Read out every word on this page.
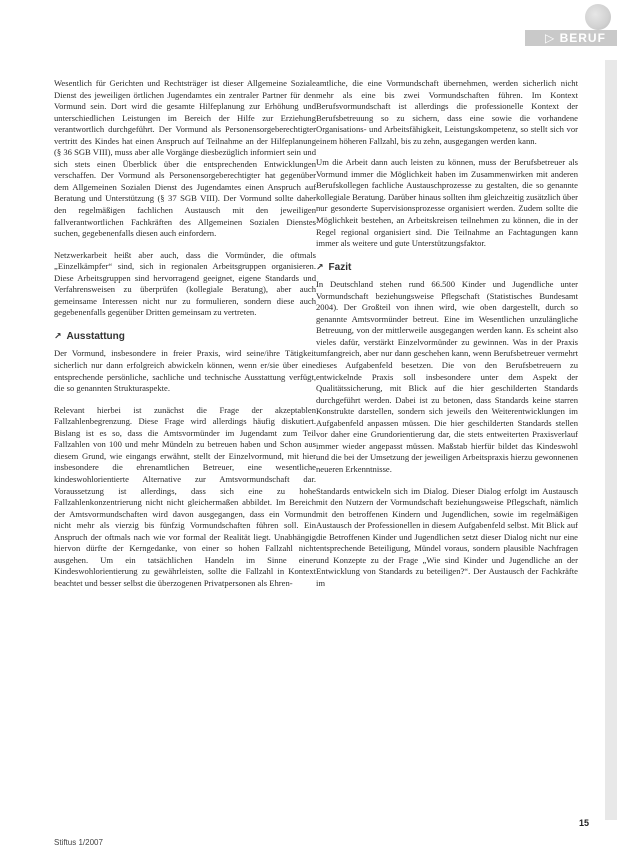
▷ BERUF

Wesentlich für Gerichten und Rechtsträger ist dieser Allgemeine Soziale Dienst des jeweiligen örtlichen Jugendamtes ein zentraler Partner für den Vormund sein. Dort wird die gesamte Hilfeplanung zur Erhöhung und unterschiedlichen Leistungen im Bereich der Hilfe zur Erziehung verantwortlich durchgeführt. Der Vormund als Personensorgeberechtigter vertritt des Kindes hat einen Anspruch auf Teilnahme an der Hilfeplanung (§ 36 SGB VIII), muss aber alle Vorgänge diesbezüglich informiert sein und sich stets einen Überblick über die entsprechenden Entwicklungen verschaffen. Der Vormund als Personensorgeberechtigter hat gegenüber dem Allgemeinen Sozialen Dienst des Jugendamtes einen Anspruch auf Beratung und Unterstützung (§ 37 SGB VIII). Der Vormund sollte daher den regelmäßigen fachlichen Austausch mit den jeweiligen fallverantwortlichen Fachkräften des Allgemeinen Sozialen Dienstes suchen, gegebenenfalls diesen auch einfordern.

Netzwerkarbeit heißt aber auch, dass die Vormünder, die oftmals „Einzelkämpfer“ sind, sich in regionalen Arbeitsgruppen organisieren. Diese Arbeitsgruppen sind hervorragend geeignet, eigene Standards und Verfahrensweisen zu überprüfen (kollegiale Beratung), aber auch gemeinsame Interessen nicht nur zu formulieren, sondern diese auch gegebenenfalls gegenüber Dritten gemeinsam zu vertreten.

↗ Ausstattung

Der Vormund, insbesondere in freier Praxis, wird seine/ihre Tätigkeit sicherlich nur dann erfolgreich abwickeln können, wenn er/sie über eine entsprechende persönliche, sachliche und technische Ausstattung verfügt, die so genannten Strukturaspekte.

Relevant hierbei ist zunächst die Frage der akzeptablen Fallzahlenbegrenzung. Diese Frage wird allerdings häufig diskutiert. Bislang ist es so, dass die Amtsvormünder im Jugendamt zum Teil Fallzahlen von 100 und mehr Mündeln zu betreuen haben und Schon aus diesem Grund, wie eingangs erwähnt, stellt der Einzelvormund, mit hier insbesondere die ehrenamtlichen Betreuer, eine wesentliche kindeswohlorientierte Alternative zur Amtsvormundschaft dar. Voraussetzung ist allerdings, dass sich eine zu hohe Fallzahlenkonzentrierung nicht nicht gleichermaßen abbildet. Im Bereich der Amtsvormundschaften wird davon ausgegangen, dass ein Vormund nicht mehr als vierzig bis fünfzig Vormundschaften führen soll. Ein Anspruch der oftmals nach wie vor formal der Realität liegt. Unabhängig hiervon dürfte der Kerngedanke, von einer so hohen Fallzahl nicht ausgehen. Um ein tatsächlichen Handeln im Sinne einer Kindeswohlorientierung zu gewährleisten, sollte die Fallzahl in Kontext beachtet und besser selbst die überzogenen Privatpersonen als Ehren-

amtliche, die eine Vormundschaft übernehmen, werden sicherlich nicht mehr als eine bis zwei Vormundschaften führen. Im Kontext Berufsvormundschaft ist allerdings die professionelle Kontext der Berufsbetreuung so zu sichern, dass eine sowie die vorhandene Organisations- und Arbeitsfähigkeit, Leistungskompetenz, so stellt sich vor einem höheren Fallzahl, bis zu zehn, ausgegangen werden kann.

Um die Arbeit dann auch leisten zu können, muss der Berufsbetreuer als Vormund immer die Möglichkeit haben im Zusammenwirken mit anderen Berufskollegen fachliche Austauschprozesse zu gestalten, die so genannte kollegiale Beratung. Darüber hinaus sollten ihm gleichzeitig zusätzlich über nur gesonderte Supervisionsprozesse organisiert werden. Zudem sollte die Möglichkeit bestehen, an Arbeitskreisen teilnehmen zu können, die in der Regel regional organisiert sind. Die Teilnahme an Fachtagungen kann immer als weitere und gute Unterstützungsfaktor.

↗ Fazit

In Deutschland stehen rund 66.500 Kinder und Jugendliche unter Vormundschaft beziehungsweise Pflegschaft (Statistisches Bundesamt 2004). Der Großteil von ihnen wird, wie oben dargestellt, durch so genannte Amtsvormünder betreut. Eine im Wesentlichen unzulängliche Betreuung, von der mittlerweile ausgegangen werden kann. Es scheint also vieles dafür, verstärkt Einzelvormünder zu gewinnen. Was in der Praxis umfangreich, aber nur dann geschehen kann, wenn Berufsbetreuer vermehrt dieses Aufgabenfeld besetzen. Die von den Berufsbetreuern zu entwickelnde Praxis soll insbesondere unter dem Aspekt der Qualitätssicherung, mit Blick auf die hier geschilderten Standards durchgeführt werden. Dabei ist zu betonen, dass Standards keine starren Konstrukte darstellen, sondern sich jeweils den Weiterentwicklungen im Aufgabenfeld anpassen müssen. Die hier geschilderten Standards stellen vor daher eine Grundorientierung dar, die stets entweiterten Praxisverlauf immer wieder angepasst müssen. Maßstab hierfür bildet das Kindeswohl und die bei der Umsetzung der jeweiligen Arbeitspraxis hierzu gewonnenen neueren Erkenntnisse.

Standards entwickeln sich im Dialog. Dieser Dialog erfolgt im Austausch mit den Nutzern der Vormundschaft beziehungsweise Pflegschaft, nämlich mit den betroffenen Kindern und Jugendlichen, sowie im regelmäßigen Austausch der Professionellen in diesem Aufgabenfeld selbst. Mit Blick auf die Betroffenen Kinder und Jugendlichen setzt dieser Dialog nicht nur eine entsprechende Beteiligung, Mündel voraus, sondern plausible Nachfragen und Konzepte zu der Frage „Wie sind Kinder und Jugendliche an der Entwicklung von Standards zu beteiligen?“. Der Austausch der Fachkräfte im

15
Stiftus 1/2007
